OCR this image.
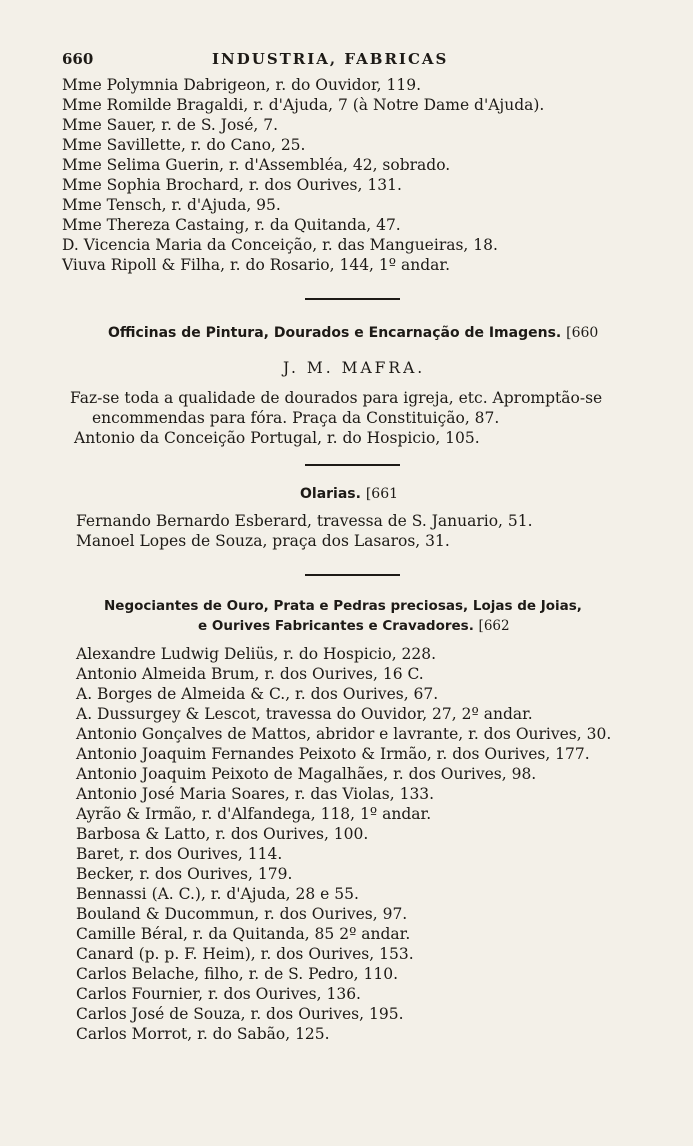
660	INDUSTRIA, FABRICAS
Mme Polymnia Dabrigeon, r. do Ouvidor, 119.
Mme Romilde Bragaldi, r. d'Ajuda, 7 (à Notre Dame d'Ajuda).
Mme Sauer, r. de S. José, 7.
Mme Savillette, r. do Cano, 25.
Mme Selima Guerin, r. d'Assembléa, 42, sobrado.
Mme Sophia Brochard, r. dos Ourives, 131.
Mme Tensch, r. d'Ajuda, 95.
Mme Thereza Castaing, r. da Quitanda, 47.
D. Vicencia Maria da Conceição, r. das Mangueiras, 18.
Viuva Ripoll & Filha, r. do Rosario, 144, 1º andar.
Officinas de Pintura, Dourados e Encarnação de Imagens. [660
J. M. MAFRA.
Faz-se toda a qualidade de dourados para igreja, etc. Apromptão-se
encommendas para fóra. Praça da Constituição, 87.
Antonio da Conceição Portugal, r. do Hospicio, 105.
Olarias. [661
Fernando Bernardo Esberard, travessa de S. Januario, 51.
Manoel Lopes de Souza, praça dos Lasaros, 31.
Negociantes de Ouro, Prata e Pedras preciosas, Lojas de Joias,
e Ourives Fabricantes e Cravadores. [662
Alexandre Ludwig Deliüs, r. do Hospicio, 228.
Antonio Almeida Brum, r. dos Ourives, 16 C.
A. Borges de Almeida & C., r. dos Ourives, 67.
A. Dussurgey & Lescot, travessa do Ouvidor, 27, 2º andar.
Antonio Gonçalves de Mattos, abridor e lavrante, r. dos Ourives, 30.
Antonio Joaquim Fernandes Peixoto & Irmão, r. dos Ourives, 177.
Antonio Joaquim Peixoto de Magalhães, r. dos Ourives, 98.
Antonio José Maria Soares, r. das Violas, 133.
Ayrão & Irmão, r. d'Alfandega, 118, 1º andar.
Barbosa & Latto, r. dos Ourives, 100.
Baret, r. dos Ourives, 114.
Becker, r. dos Ourives, 179.
Bennassi (A. C.), r. d'Ajuda, 28 e 55.
Bouland & Ducommun, r. dos Ourives, 97.
Camille Béral, r. da Quitanda, 85 2º andar.
Canard (p. p. F. Heim), r. dos Ourives, 153.
Carlos Belache, filho, r. de S. Pedro, 110.
Carlos Fournier, r. dos Ourives, 136.
Carlos José de Souza, r. dos Ourives, 195.
Carlos Morrot, r. do Sabão, 125.
